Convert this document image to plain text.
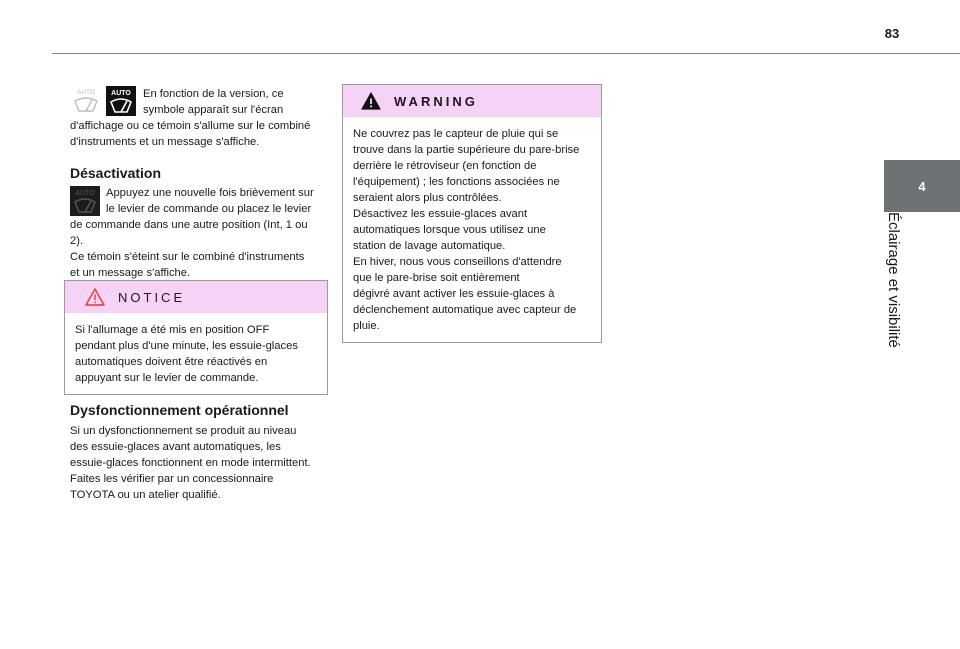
83
4
Éclairage et visibilité
AUTO AUTO En fonction de la version, ce

symbole apparaît sur l'écran

d'affichage ou ce témoin s'allume sur le combiné

d'instruments et un message s'affiche.

Désactivation

AUTO Appuyez une nouvelle fois brièvement sur

le levier de commande ou placez le levier

de commande dans une autre position (Int, 1 ou

2).

Ce témoin s'éteint sur le combiné d'instruments

et un message s'affiche.

NOTICE

Si l'allumage a été mis en position OFF

pendant plus d'une minute, les essuie-glaces

automatiques doivent être réactivés en

appuyant sur le levier de commande.

Dysfonctionnement opérationnel

Si un dysfonctionnement se produit au niveau

des essuie-glaces avant automatiques, les

essuie-glaces fonctionnent en mode intermittent.

Faites les vérifier par un concessionnaire

TOYOTA ou un atelier qualifié.

WARNING

Ne couvrez pas le capteur de pluie qui se

trouve dans la partie supérieure du pare-brise

derrière le rétroviseur (en fonction de

l'équipement) ; les fonctions associées ne

seraient alors plus contrôlées.

Désactivez les essuie-glaces avant

automatiques lorsque vous utilisez une

station de lavage automatique.

En hiver, nous vous conseillons d'attendre

que le pare-brise soit entièrement

dégivré avant activer les essuie-glaces à

déclenchement automatique avec capteur de

pluie.
